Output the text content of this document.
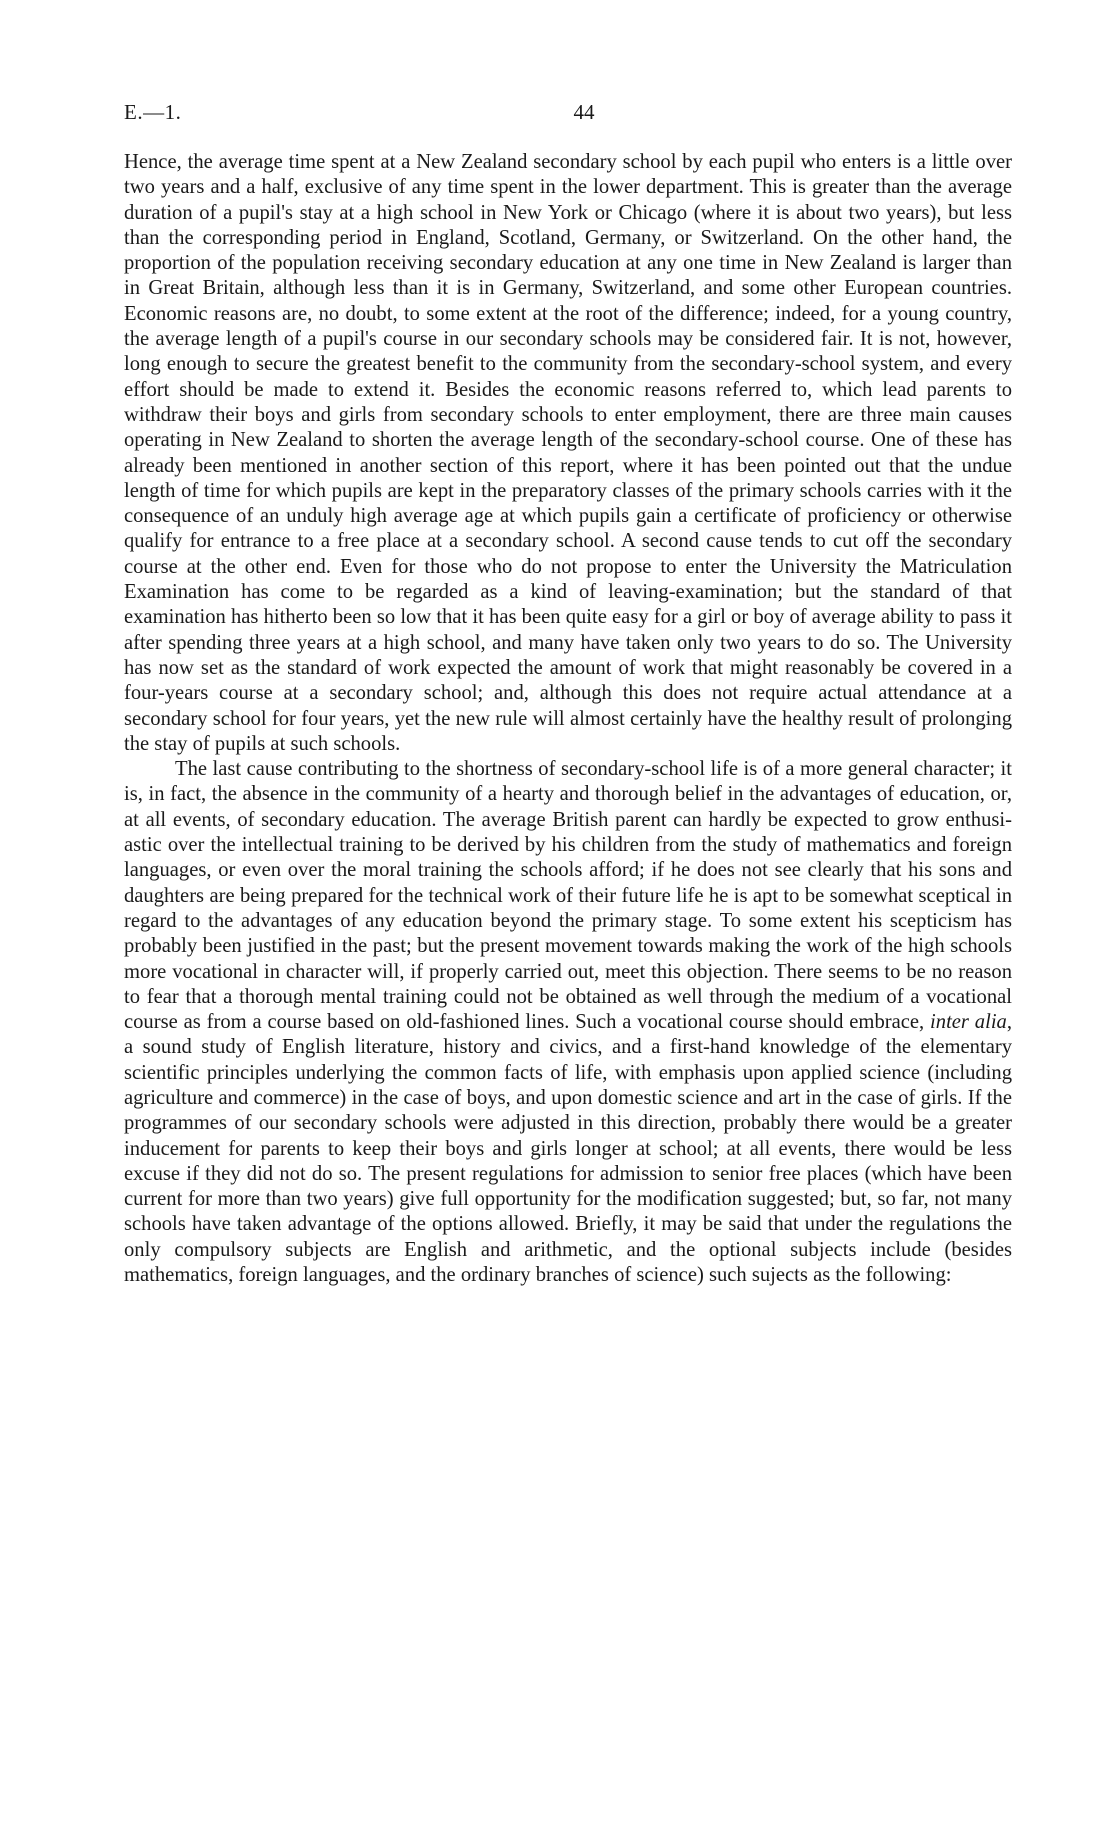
E.—1.	44

Hence, the average time spent at a New Zealand secondary school by each pupil who enters is a little over two years and a half, exclusive of any time spent in the lower department. This is greater than the average duration of a pupil's stay at a high school in New York or Chicago (where it is about two years), but less than the corresponding period in England, Scotland, Germany, or Switzerland. On the other hand, the proportion of the population receiving secondary education at any one time in New Zealand is larger than in Great Britain, although less than it is in Germany, Switzerland, and some other European countries. Economic reasons are, no doubt, to some extent at the root of the difference; indeed, for a young country, the average length of a pupil's course in our secondary schools may be considered fair. It is not, however, long enough to secure the greatest benefit to the community from the secondary-school system, and every effort should be made to extend it. Besides the economic reasons referred to, which lead parents to withdraw their boys and girls from secondary schools to enter employment, there are three main causes operating in New Zealand to shorten the average length of the secondary-school course. One of these has already been mentioned in another section of this report, where it has been pointed out that the undue length of time for which pupils are kept in the preparatory classes of the primary schools carries with it the consequence of an unduly high average age at which pupils gain a certificate of proficiency or otherwise qualify for entrance to a free place at a secondary school. A second cause tends to cut off the secondary course at the other end. Even for those who do not propose to enter the University the Matriculation Examination has come to be regarded as a kind of leaving-examination; but the standard of that examination has hitherto been so low that it has been quite easy for a girl or boy of average ability to pass it after spending three years at a high school, and many have taken only two years to do so. The University has now set as the standard of work expected the amount of work that might reasonably be covered in a four-years course at a secondary school; and, although this does not require actual attendance at a secondary school for four years, yet the new rule will almost certainly have the healthy result of prolonging the stay of pupils at such schools.

The last cause contributing to the shortness of secondary-school life is of a more general character; it is, in fact, the absence in the community of a hearty and thorough belief in the advantages of education, or, at all events, of secondary education. The average British parent can hardly be expected to grow enthusiastic over the intellectual training to be derived by his children from the study of mathematics and foreign languages, or even over the moral training the schools afford; if he does not see clearly that his sons and daughters are being prepared for the technical work of their future life he is apt to be somewhat sceptical in regard to the advantages of any education beyond the primary stage. To some extent his scepticism has probably been justified in the past; but the present movement towards making the work of the high schools more vocational in character will, if properly carried out, meet this objection. There seems to be no reason to fear that a thorough mental training could not be obtained as well through the medium of a vocational course as from a course based on old-fashioned lines. Such a vocational course should embrace, inter alia, a sound study of English literature, history and civics, and a first-hand knowledge of the elementary scientific principles underlying the common facts of life, with emphasis upon applied science (including agriculture and commerce) in the case of boys, and upon domestic science and art in the case of girls. If the programmes of our secondary schools were adjusted in this direction, probably there would be a greater inducement for parents to keep their boys and girls longer at school; at all events, there would be less excuse if they did not do so. The present regulations for admission to senior free places (which have been current for more than two years) give full opportunity for the modification suggested; but, so far, not many schools have taken advantage of the options allowed. Briefly, it may be said that under the regulations the only compulsory subjects are English and arithmetic, and the optional subjects include (besides mathematics, foreign languages, and the ordinary branches of science) such sujects as the following:
